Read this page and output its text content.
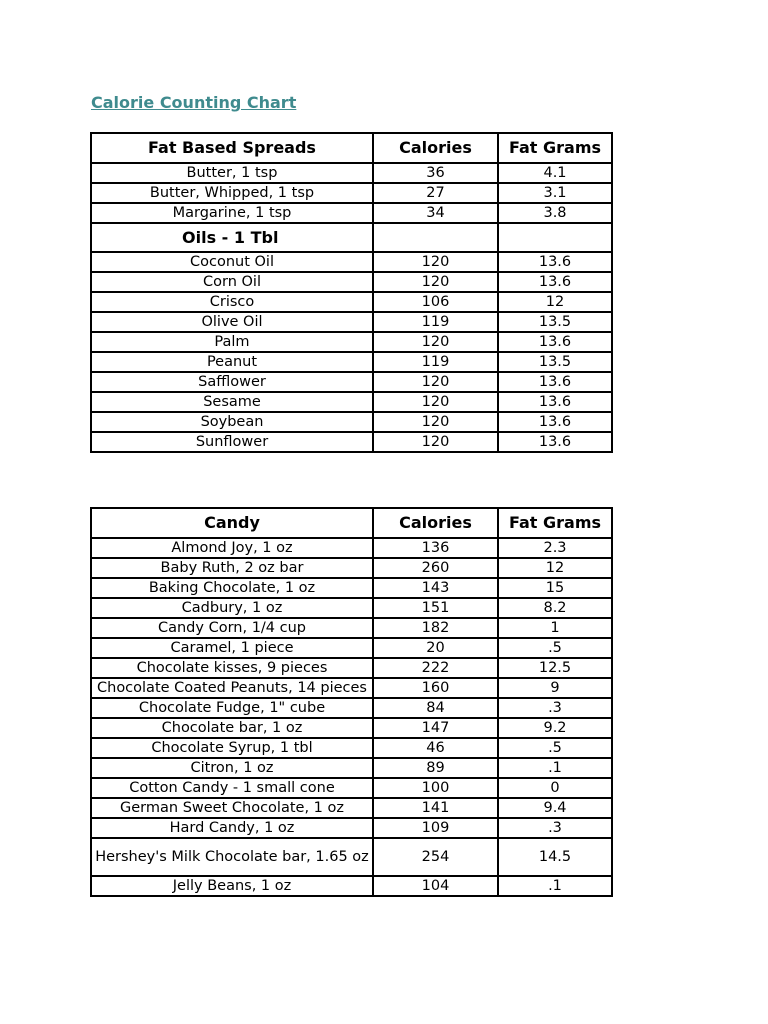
Calorie Counting Chart
Fat Based Spreads	Calories	Fat Grams
Butter, 1 tsp	36	4.1
Butter, Whipped, 1 tsp	27	3.1
Margarine, 1 tsp	34	3.8
Oils - 1 Tbl		
Coconut Oil	120	13.6
Corn Oil	120	13.6
Crisco	106	12
Olive Oil	119	13.5
Palm	120	13.6
Peanut	119	13.5
Safflower	120	13.6
Sesame	120	13.6
Soybean	120	13.6
Sunflower	120	13.6
Candy	Calories	Fat Grams
Almond Joy, 1 oz	136	2.3
Baby Ruth, 2 oz bar	260	12
Baking Chocolate, 1 oz	143	15
Cadbury, 1 oz	151	8.2
Candy Corn, 1/4 cup	182	1
Caramel, 1 piece	20	.5
Chocolate kisses, 9 pieces	222	12.5
Chocolate Coated Peanuts, 14 pieces	160	9
Chocolate Fudge, 1" cube	84	.3
Chocolate bar, 1 oz	147	9.2
Chocolate Syrup, 1 tbl	46	.5
Citron, 1 oz	89	.1
Cotton Candy - 1 small cone	100	0
German Sweet Chocolate, 1 oz	141	9.4
Hard Candy, 1 oz	109	.3
Hershey's Milk Chocolate bar, 1.65 oz	254	14.5
Jelly Beans, 1 oz	104	.1
